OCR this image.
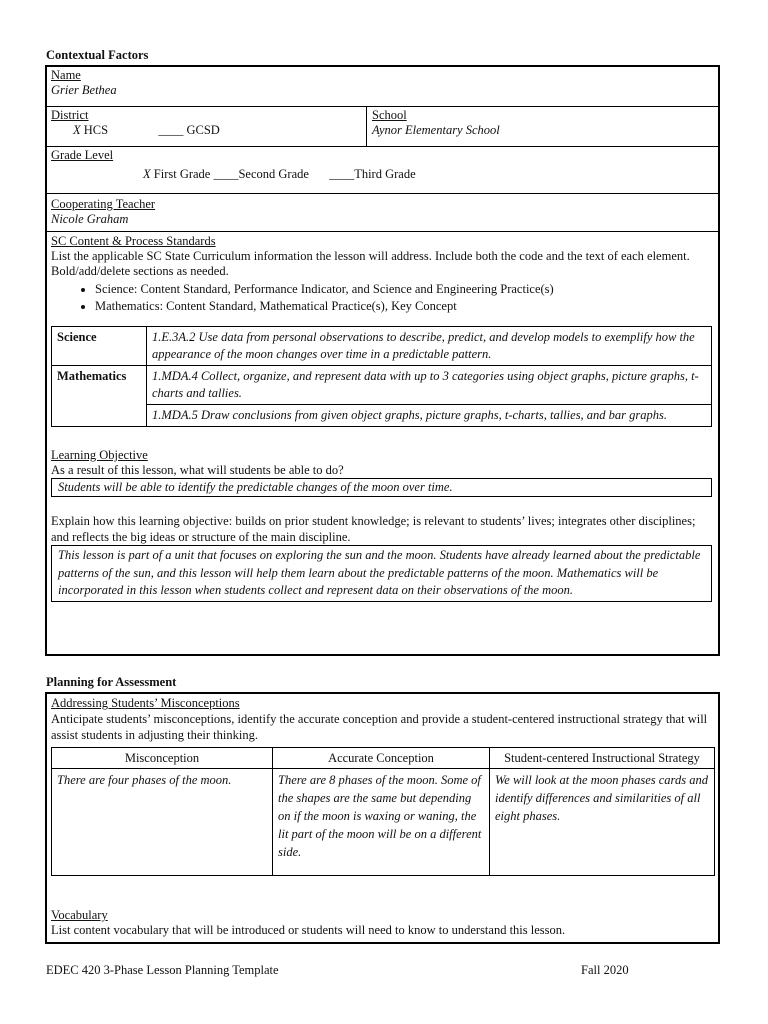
Contextual Factors
Name
Grier Bethea
District
X HCS	____ GCSD
School
Aynor Elementary School
Grade Level
X First Grade ____Second Grade ____Third Grade
Cooperating Teacher
Nicole Graham
SC Content & Process Standards
List the applicable SC State Curriculum information the lesson will address. Include both the code and the text of each element. Bold/add/delete sections as needed.
• Science: Content Standard, Performance Indicator, and Science and Engineering Practice(s)
• Mathematics: Content Standard, Mathematical Practice(s), Key Concept
Science	1.E.3A.2 Use data from personal observations to describe, predict, and develop models to exemplify how the appearance of the moon changes over time in a predictable pattern.
Mathematics	1.MDA.4 Collect, organize, and represent data with up to 3 categories using object graphs, picture graphs, t-charts and tallies.
	1.MDA.5 Draw conclusions from given object graphs, picture graphs, t-charts, tallies, and bar graphs.
Learning Objective
As a result of this lesson, what will students be able to do?
Students will be able to identify the predictable changes of the moon over time.
Explain how this learning objective: builds on prior student knowledge; is relevant to students’ lives; integrates other disciplines; and reflects the big ideas or structure of the main discipline.
This lesson is part of a unit that focuses on exploring the sun and the moon. Students have already learned about the predictable patterns of the sun, and this lesson will help them learn about the predictable patterns of the moon. Mathematics will be incorporated in this lesson when students collect and represent data on their observations of the moon.
Planning for Assessment
Addressing Students’ Misconceptions
Anticipate students’ misconceptions, identify the accurate conception and provide a student-centered instructional strategy that will assist students in adjusting their thinking.
Misconception	Accurate Conception	Student-centered Instructional Strategy
There are four phases of the moon.	There are 8 phases of the moon. Some of the shapes are the same but depending on if the moon is waxing or waning, the lit part of the moon will be on a different side.	We will look at the moon phases cards and identify differences and similarities of all eight phases.
Vocabulary
List content vocabulary that will be introduced or students will need to know to understand this lesson.
EDEC 420 3-Phase Lesson Planning Template	Fall 2020
